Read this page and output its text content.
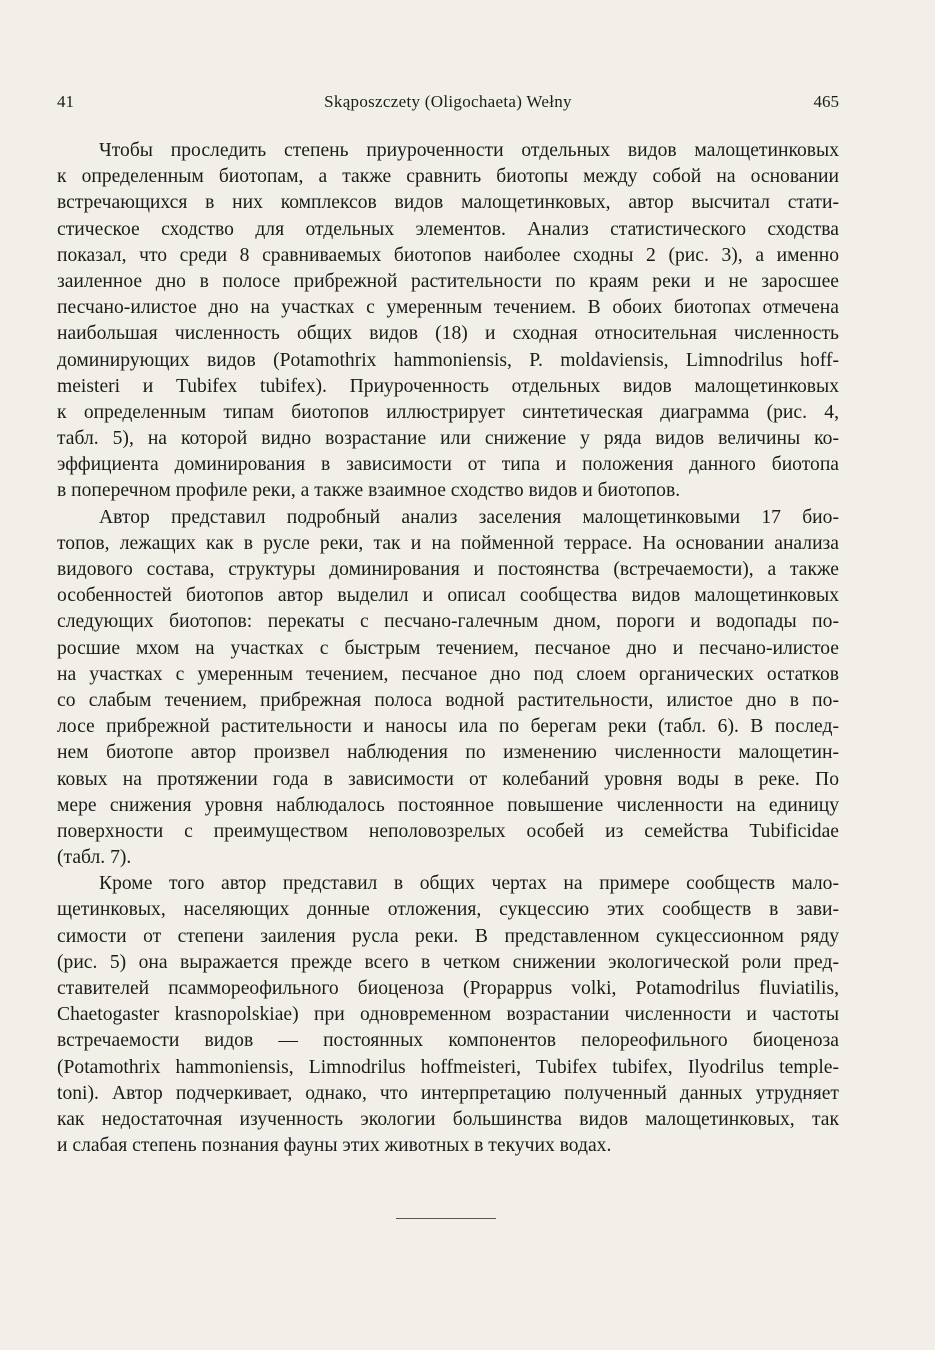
41	Skąposzczety (Oligochaeta) Wełny	465
Чтобы проследить степень приуроченности отдельных видов малощетинковых
к определенным биотопам, а также сравнить биотопы между собой на основании
встречающихся в них комплексов видов малощетинковых, автор высчитал стати-
стическое сходство для отдельных элементов. Анализ статистического сходства
показал, что среди 8 сравниваемых биотопов наиболее сходны 2 (рис. 3), а именно
заиленное дно в полосе прибрежной растительности по краям реки и не заросшее
песчано-илистое дно на участках с умеренным течением. В обоих биотопах отмечена
наибольшая численность общих видов (18) и сходная относительная численность
доминирующих видов (Potamothrix hammoniensis, P. moldaviensis, Limnodrilus hoff-
meisteri и Tubifex tubifex). Приуроченность отдельных видов малощетинковых
к определенным типам биотопов иллюстрирует синтетическая диаграмма (рис. 4,
табл. 5), на которой видно возрастание или снижение у ряда видов величины ко-
эффициента доминирования в зависимости от типа и положения данного биотопа
в поперечном профиле реки, а также взаимное сходство видов и биотопов.
Автор представил подробный анализ заселения малощетинковыми 17 био-
топов, лежащих как в русле реки, так и на пойменной террасе. На основании анализа
видового состава, структуры доминирования и постоянства (встречаемости), а также
особенностей биотопов автор выделил и описал сообщества видов малощетинковых
следующих биотопов: перекаты с песчано-галечным дном, пороги и водопады по-
росшие мхом на участках с быстрым течением, песчаное дно и песчано-илистое
на участках с умеренным течением, песчаное дно под слоем органических остатков
со слабым течением, прибрежная полоса водной растительности, илистое дно в по-
лосе прибрежной растительности и наносы ила по берегам реки (табл. 6). В послед-
нем биотопе автор произвел наблюдения по изменению численности малощетин-
ковых на протяжении года в зависимости от колебаний уровня воды в реке. По
мере снижения уровня наблюдалось постоянное повышение численности на единицу
поверхности с преимуществом неполовозрелых особей из семейства Tubificidae
(табл. 7).
Кроме того автор представил в общих чертах на примере сообществ мало-
щетинковых, населяющих донные отложения, сукцессию этих сообществ в зави-
симости от степени заиления русла реки. В представленном сукцессионном ряду
(рис. 5) она выражается прежде всего в четком снижении экологической роли пред-
ставителей псаммореофильного биоценоза (Propappus volki, Potamodrilus fluviatilis,
Chaetogaster krasnopolskiae) при одновременном возрастании численности и частоты
встречаемости видов — постоянных компонентов пелореофильного биоценоза
(Potamothrix hammoniensis, Limnodrilus hoffmeisteri, Tubifex tubifex, Ilyodrilus temple-
toni). Автор подчеркивает, однако, что интерпретацию полученный данных утрудняет
как недостаточная изученность экологии большинства видов малощетинковых, так
и слабая степень познания фауны этих животных в текучих водах.
